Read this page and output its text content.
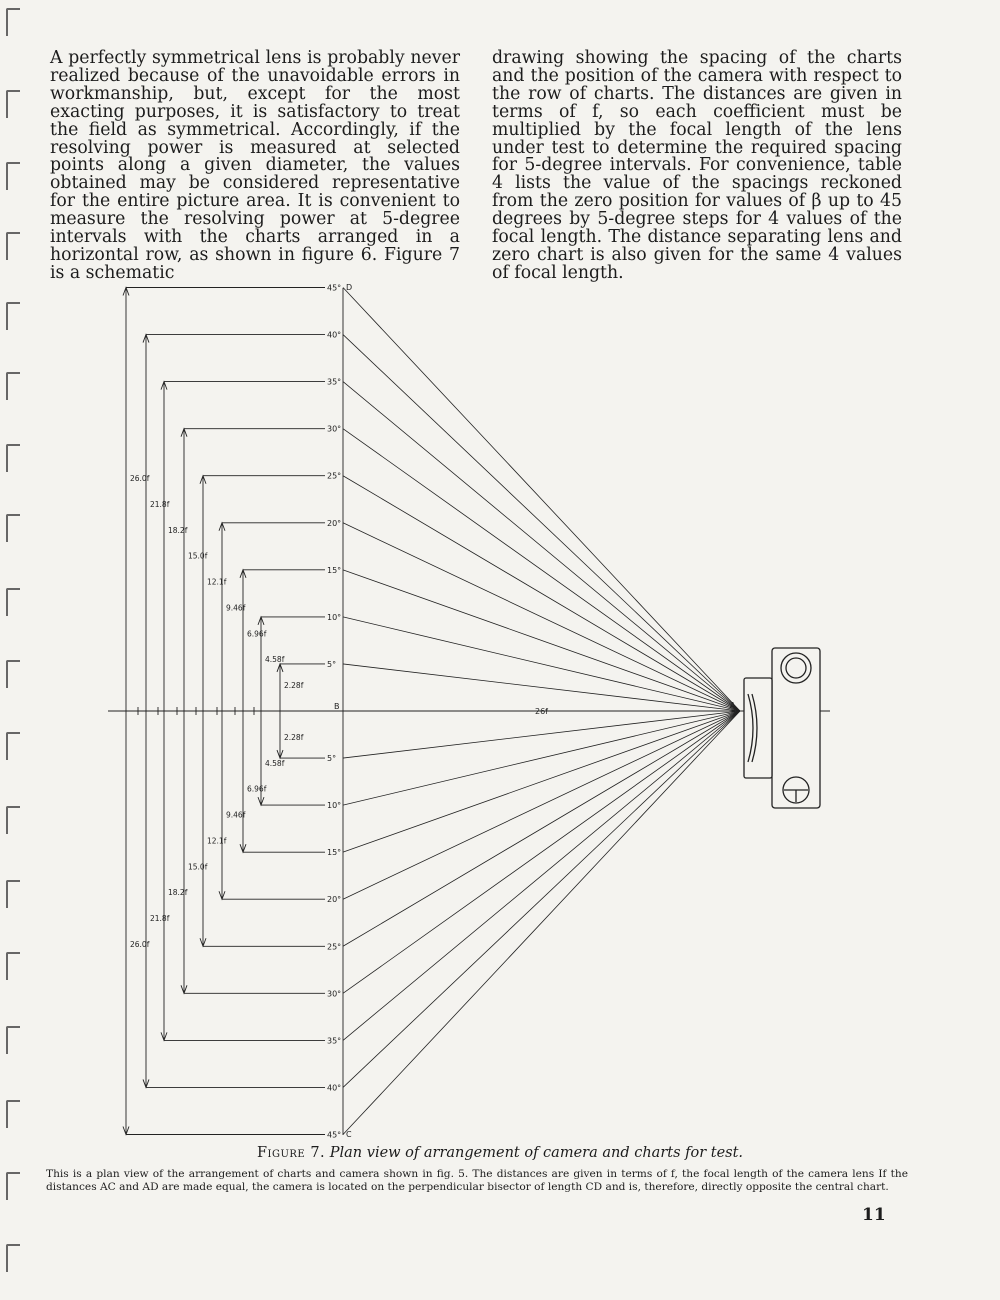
A perfectly symmetrical lens is probably never realized because of the unavoidable errors in workmanship, but, except for the most exacting purposes, it is satisfactory to treat the field as symmetrical. Accordingly, if the resolving power is measured at selected points along a given diameter, the values obtained may be considered representative for the entire picture area. It is convenient to measure the resolving power at 5-degree intervals with the charts arranged in a horizontal row, as shown in figure 6. Figure 7 is a schematic
drawing showing the spacing of the charts and the position of the camera with respect to the row of charts. The distances are given in terms of f, so each coefficient must be multiplied by the focal length of the lens under test to determine the required spacing for 5-degree intervals. For convenience, table 4 lists the value of the spacings reckoned from the zero position for values of β up to 45 degrees by 5-degree steps for 4 values of the focal length. The distance separating lens and zero chart is also given for the same 4 values of focal length.
5°
2.28f
5°
2.28f
10°
4.58f
10°
4.58f
15°
6.96f
15°
6.96f
20°
9.46f
20°
9.46f
25°
12.1f
25°
12.1f
30°
15.0f
30°
15.0f
35°
18.2f
35°
18.2f
40°
21.8f
40°
21.8f
45°
26.0f
45°
26.0f
26f
A
B
C
D
Figure 7. Plan view of arrangement of camera and charts for test.
This is a plan view of the arrangement of charts and camera shown in fig. 5. The distances are given in terms of f, the focal length of the camera lens If the distances AC and AD are made equal, the camera is located on the perpendicular bisector of length CD and is, therefore, directly opposite the central chart.
11
